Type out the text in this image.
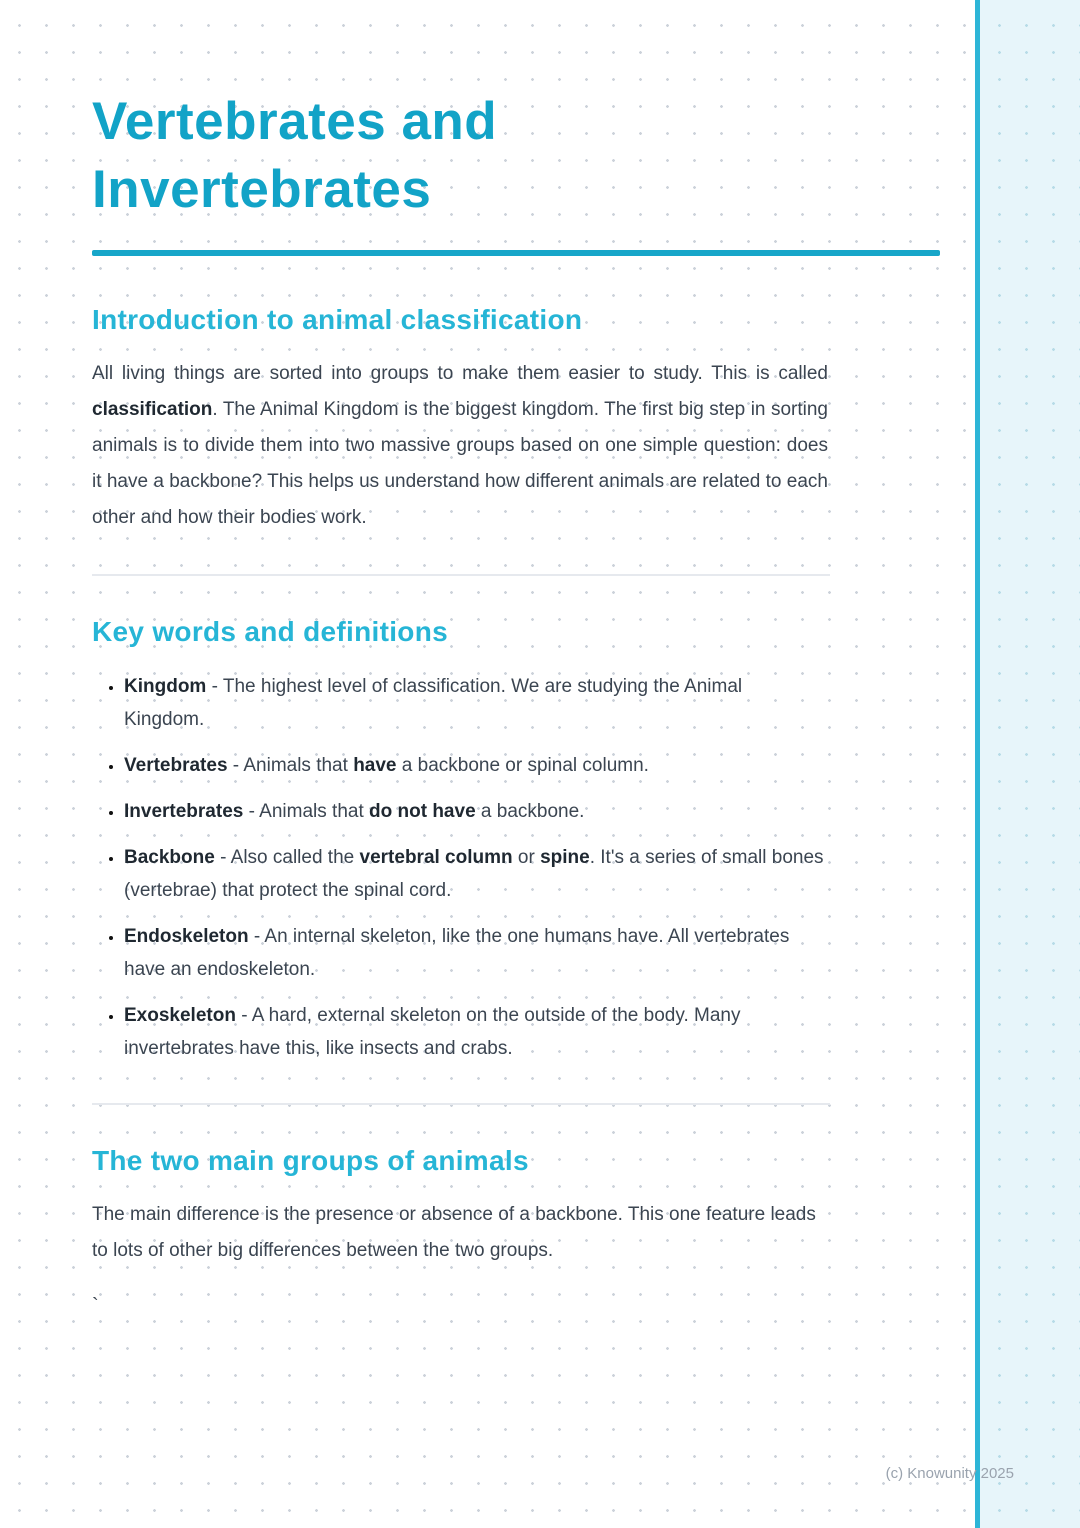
Vertebrates and Invertebrates
Introduction to animal classification

All living things are sorted into groups to make them easier to study. This is called classification. The Animal Kingdom is the biggest kingdom. The first big step in sorting animals is to divide them into two massive groups based on one simple question: does it have a backbone? This helps us understand how different animals are related to each other and how their bodies work.

Key words and definitions
• Kingdom - The highest level of classification. We are studying the Animal Kingdom.
• Vertebrates - Animals that have a backbone or spinal column.
• Invertebrates - Animals that do not have a backbone.
• Backbone - Also called the vertebral column or spine. It's a series of small bones (vertebrae) that protect the spinal cord.
• Endoskeleton - An internal skeleton, like the one humans have. All vertebrates have an endoskeleton.
• Exoskeleton - A hard, external skeleton on the outside of the body. Many invertebrates have this, like insects and crabs.
The two main groups of animals

The main difference is the presence or absence of a backbone. This one feature leads to lots of other big differences between the two groups.

`
(c) Knowunity 2025
